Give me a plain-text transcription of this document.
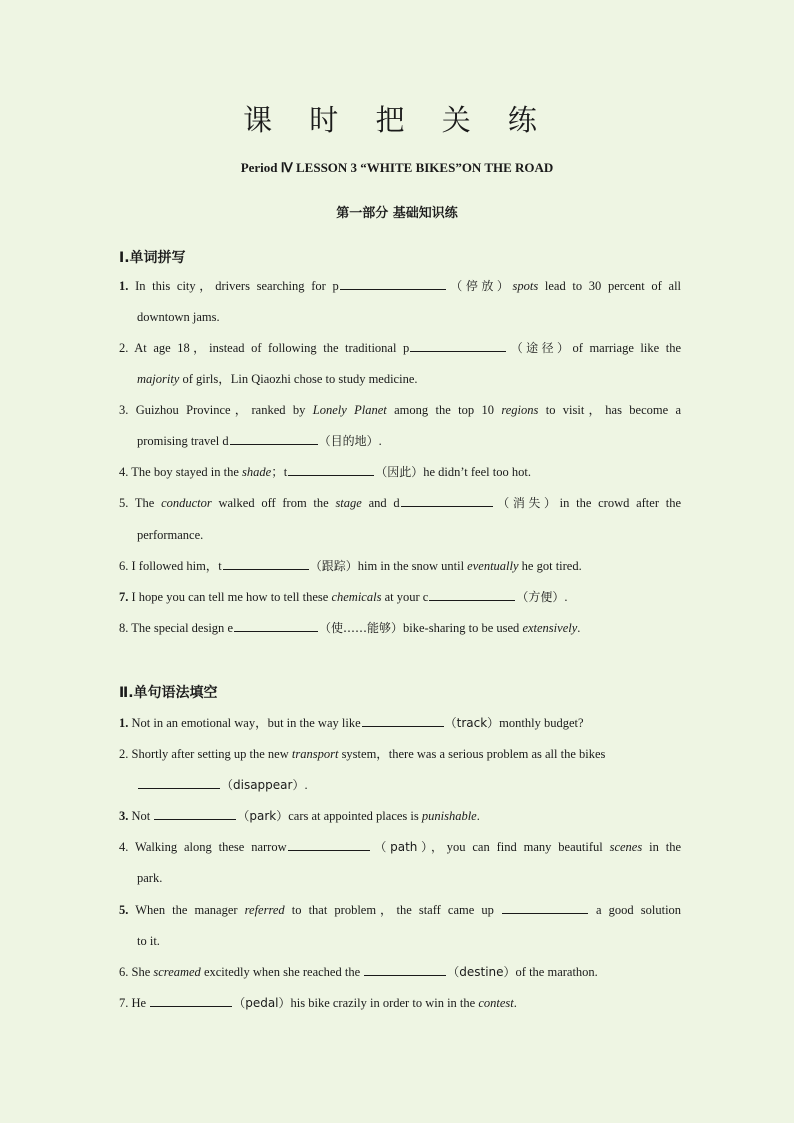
课 时 把 关 练
Period Ⅳ LESSON 3 “WHITE BIKES”ON THE ROAD
第一部分 基础知识练
Ⅰ.单词拼写
1. In this city，drivers searching for p	（停放）spots lead to 30 percent of all
downtown jams.
2. At age 18，instead of following the traditional p	（途径）of marriage like the
majority of girls，Lin Qiaozhi chose to study medicine.
3. Guizhou Province，ranked by Lonely Planet among the top 10 regions to visit，has become a
promising travel d	（目的地）.
4. The boy stayed in the shade；t	（因此）he didn’t feel too hot.
5. The conductor walked off from the stage and d	（消失）in the crowd after the
performance.
6. I followed him，t	（跟踪）him in the snow until eventually he got tired.
7. I hope you can tell me how to tell these chemicals at your c	（方便）.
8. The special design e	（使……能够）bike-sharing to be used extensively.
Ⅱ.单句语法填空
1. Not in an emotional way，but in the way like	（track）monthly budget?
2. Shortly after setting up the new transport system，there was a serious problem as all the bikes
（disappear）.
3. Not	（park）cars at appointed places is punishable.
4. Walking along these narrow	（path），you can find many beautiful scenes in the
park.
5. When the manager referred to that problem，the staff came up	a good solution
to it.
6. She screamed excitedly when she reached the	（destine）of the marathon.
7. He	（pedal）his bike crazily in order to win in the contest.
